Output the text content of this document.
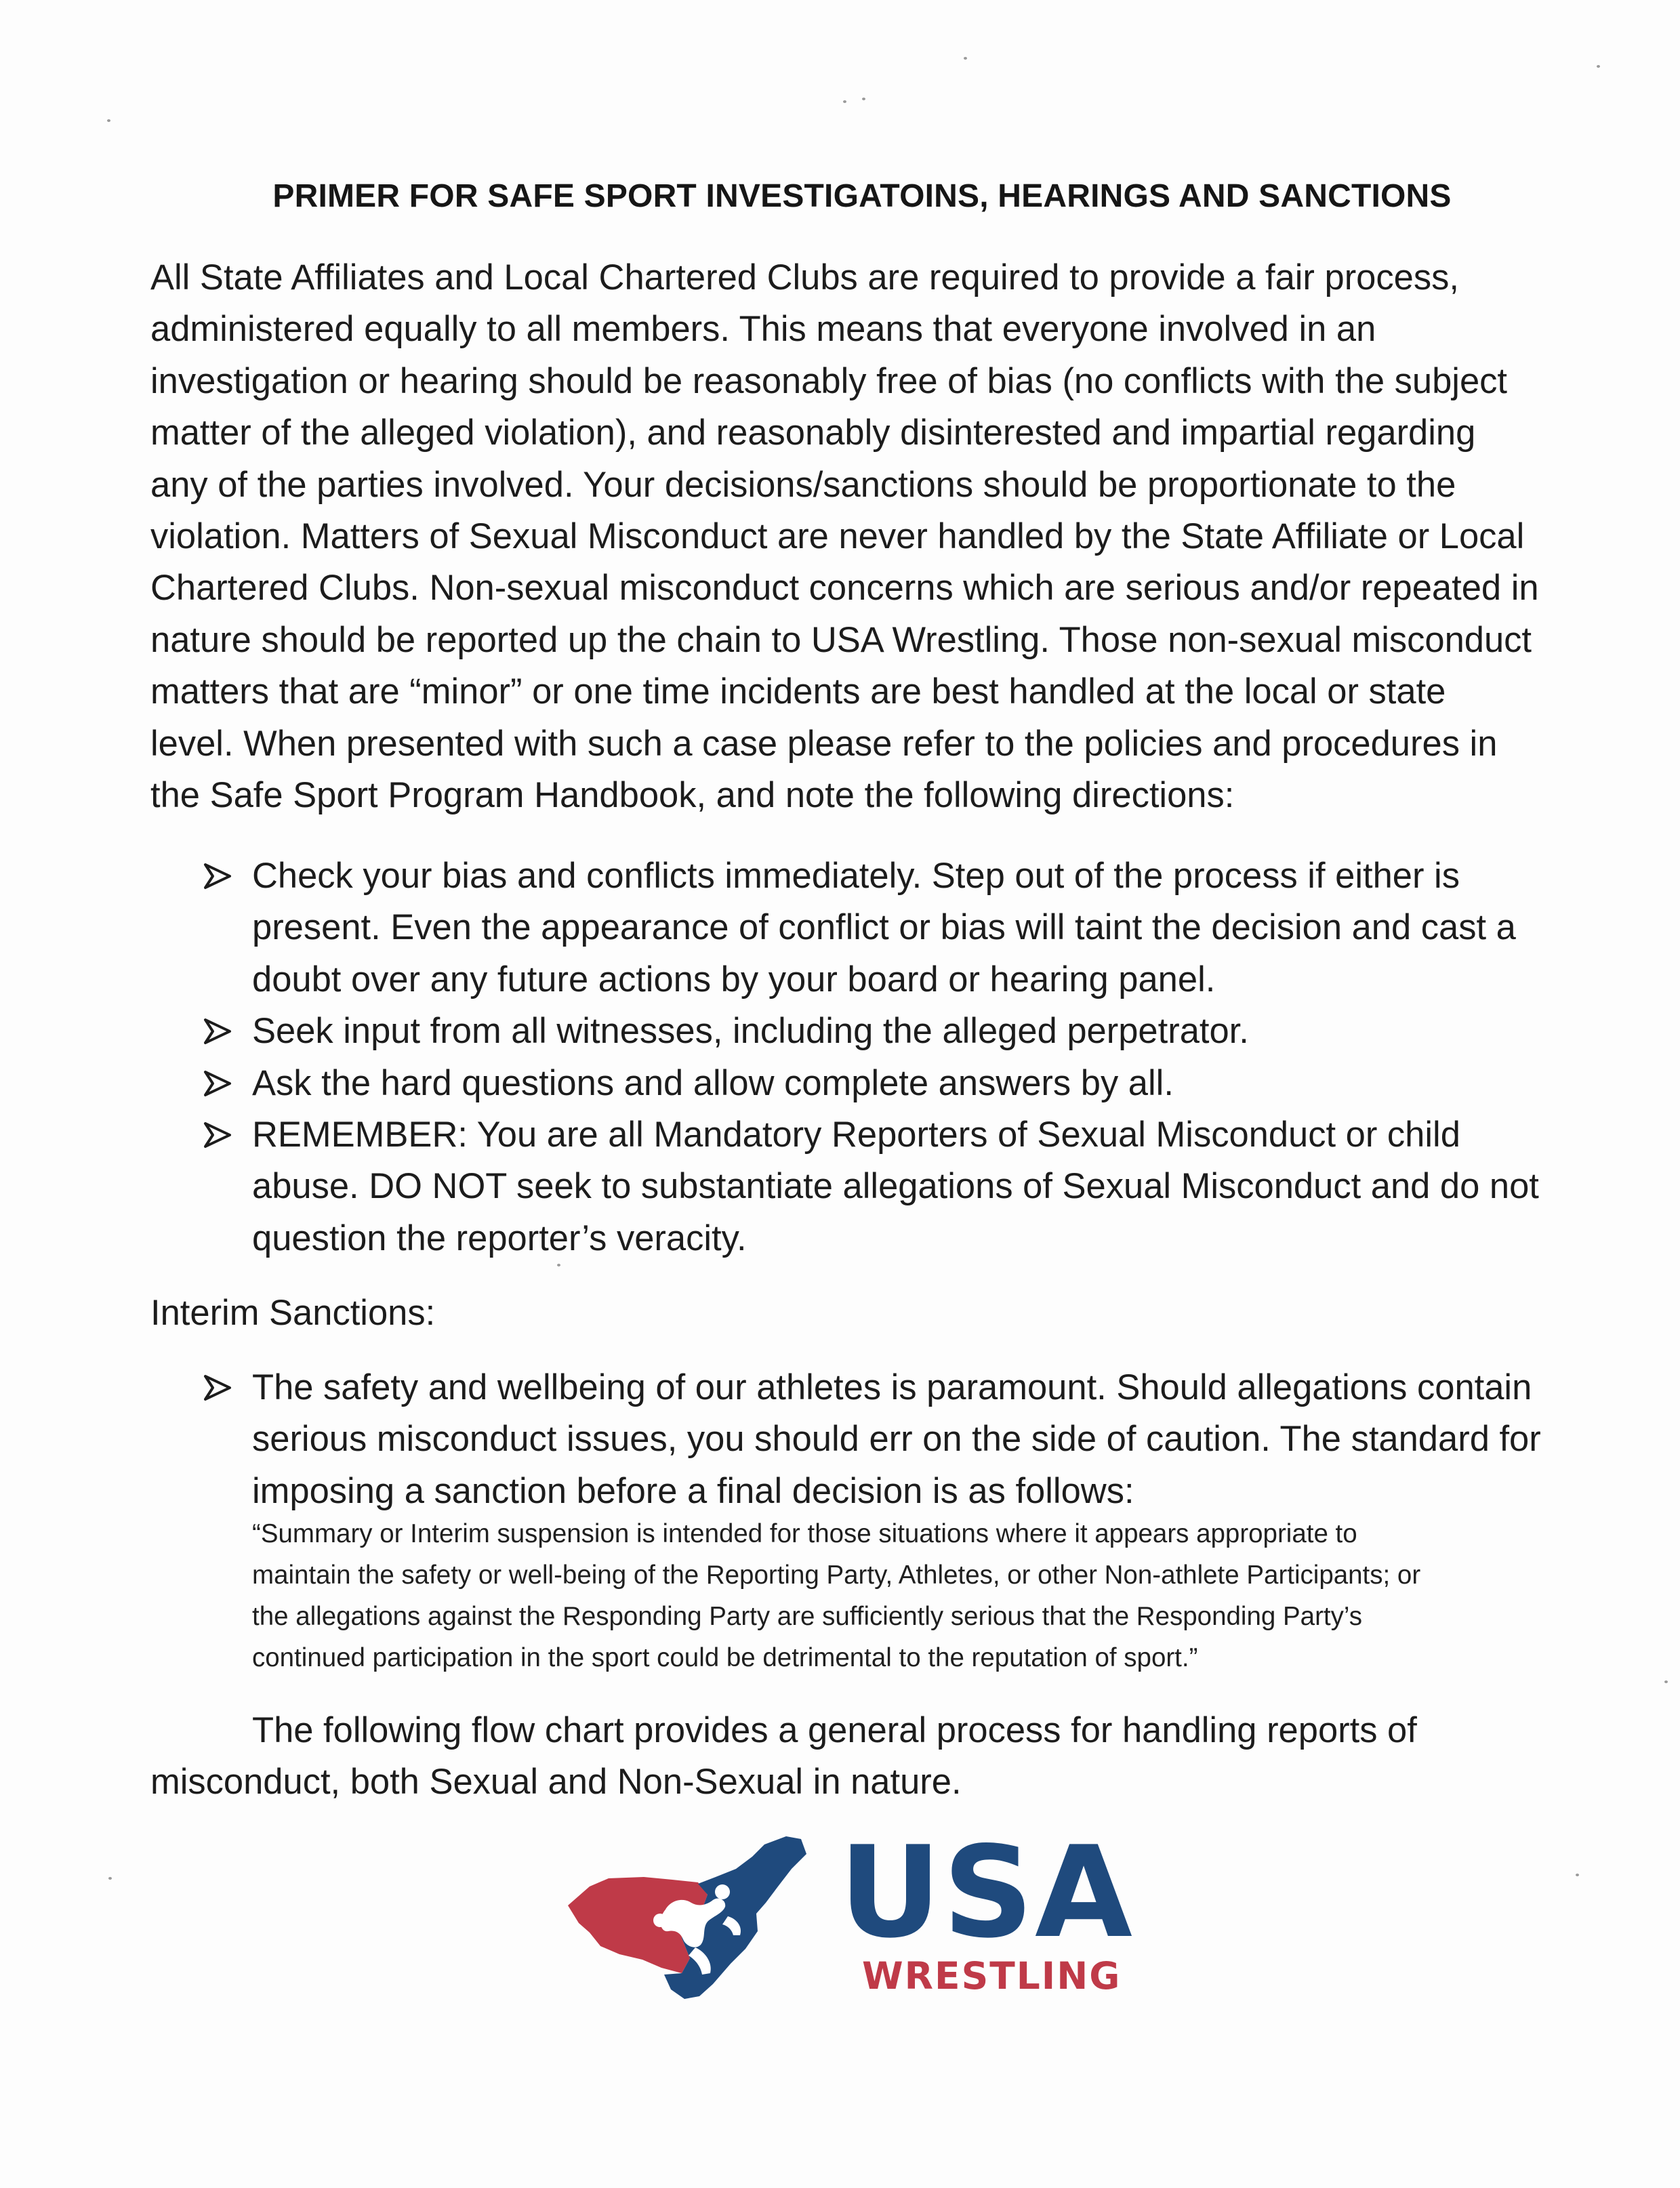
PRIMER FOR SAFE SPORT INVESTIGATOINS, HEARINGS AND SANCTIONS
All State Affiliates and Local Chartered Clubs are required to provide a fair process,
administered equally to all members. This means that everyone involved in an
investigation or hearing should be reasonably free of bias (no conflicts with the subject
matter of the alleged violation), and reasonably disinterested and impartial regarding
any of the parties involved. Your decisions/sanctions should be proportionate to the
violation. Matters of Sexual Misconduct are never handled by the State Affiliate or Local
Chartered Clubs. Non-sexual misconduct concerns which are serious and/or repeated in
nature should be reported up the chain to USA Wrestling. Those non-sexual misconduct
matters that are “minor” or one time incidents are best handled at the local or state
level. When presented with such a case please refer to the policies and procedures in
the Safe Sport Program Handbook, and note the following directions:
Check your bias and conflicts immediately. Step out of the process if either is
present. Even the appearance of conflict or bias will taint the decision and cast a
doubt over any future actions by your board or hearing panel.
Seek input from all witnesses, including the alleged perpetrator.
Ask the hard questions and allow complete answers by all.
REMEMBER: You are all Mandatory Reporters of Sexual Misconduct or child
abuse. DO NOT seek to substantiate allegations of Sexual Misconduct and do not
question the reporter’s veracity.

Interim Sanctions:

The safety and wellbeing of our athletes is paramount. Should allegations contain
serious misconduct issues, you should err on the side of caution. The standard for
imposing a sanction before a final decision is as follows:
“Summary or Interim suspension is intended for those situations where it appears appropriate to
maintain the safety or well-being of the Reporting Party, Athletes, or other Non-athlete Participants; or
the allegations against the Responding Party are sufficiently serious that the Responding Party’s
continued participation in the sport could be detrimental to the reputation of sport.”

The following flow chart provides a general process for handling reports of misconduct, both Sexual and Non-Sexual in nature.

USA
WRESTLING
